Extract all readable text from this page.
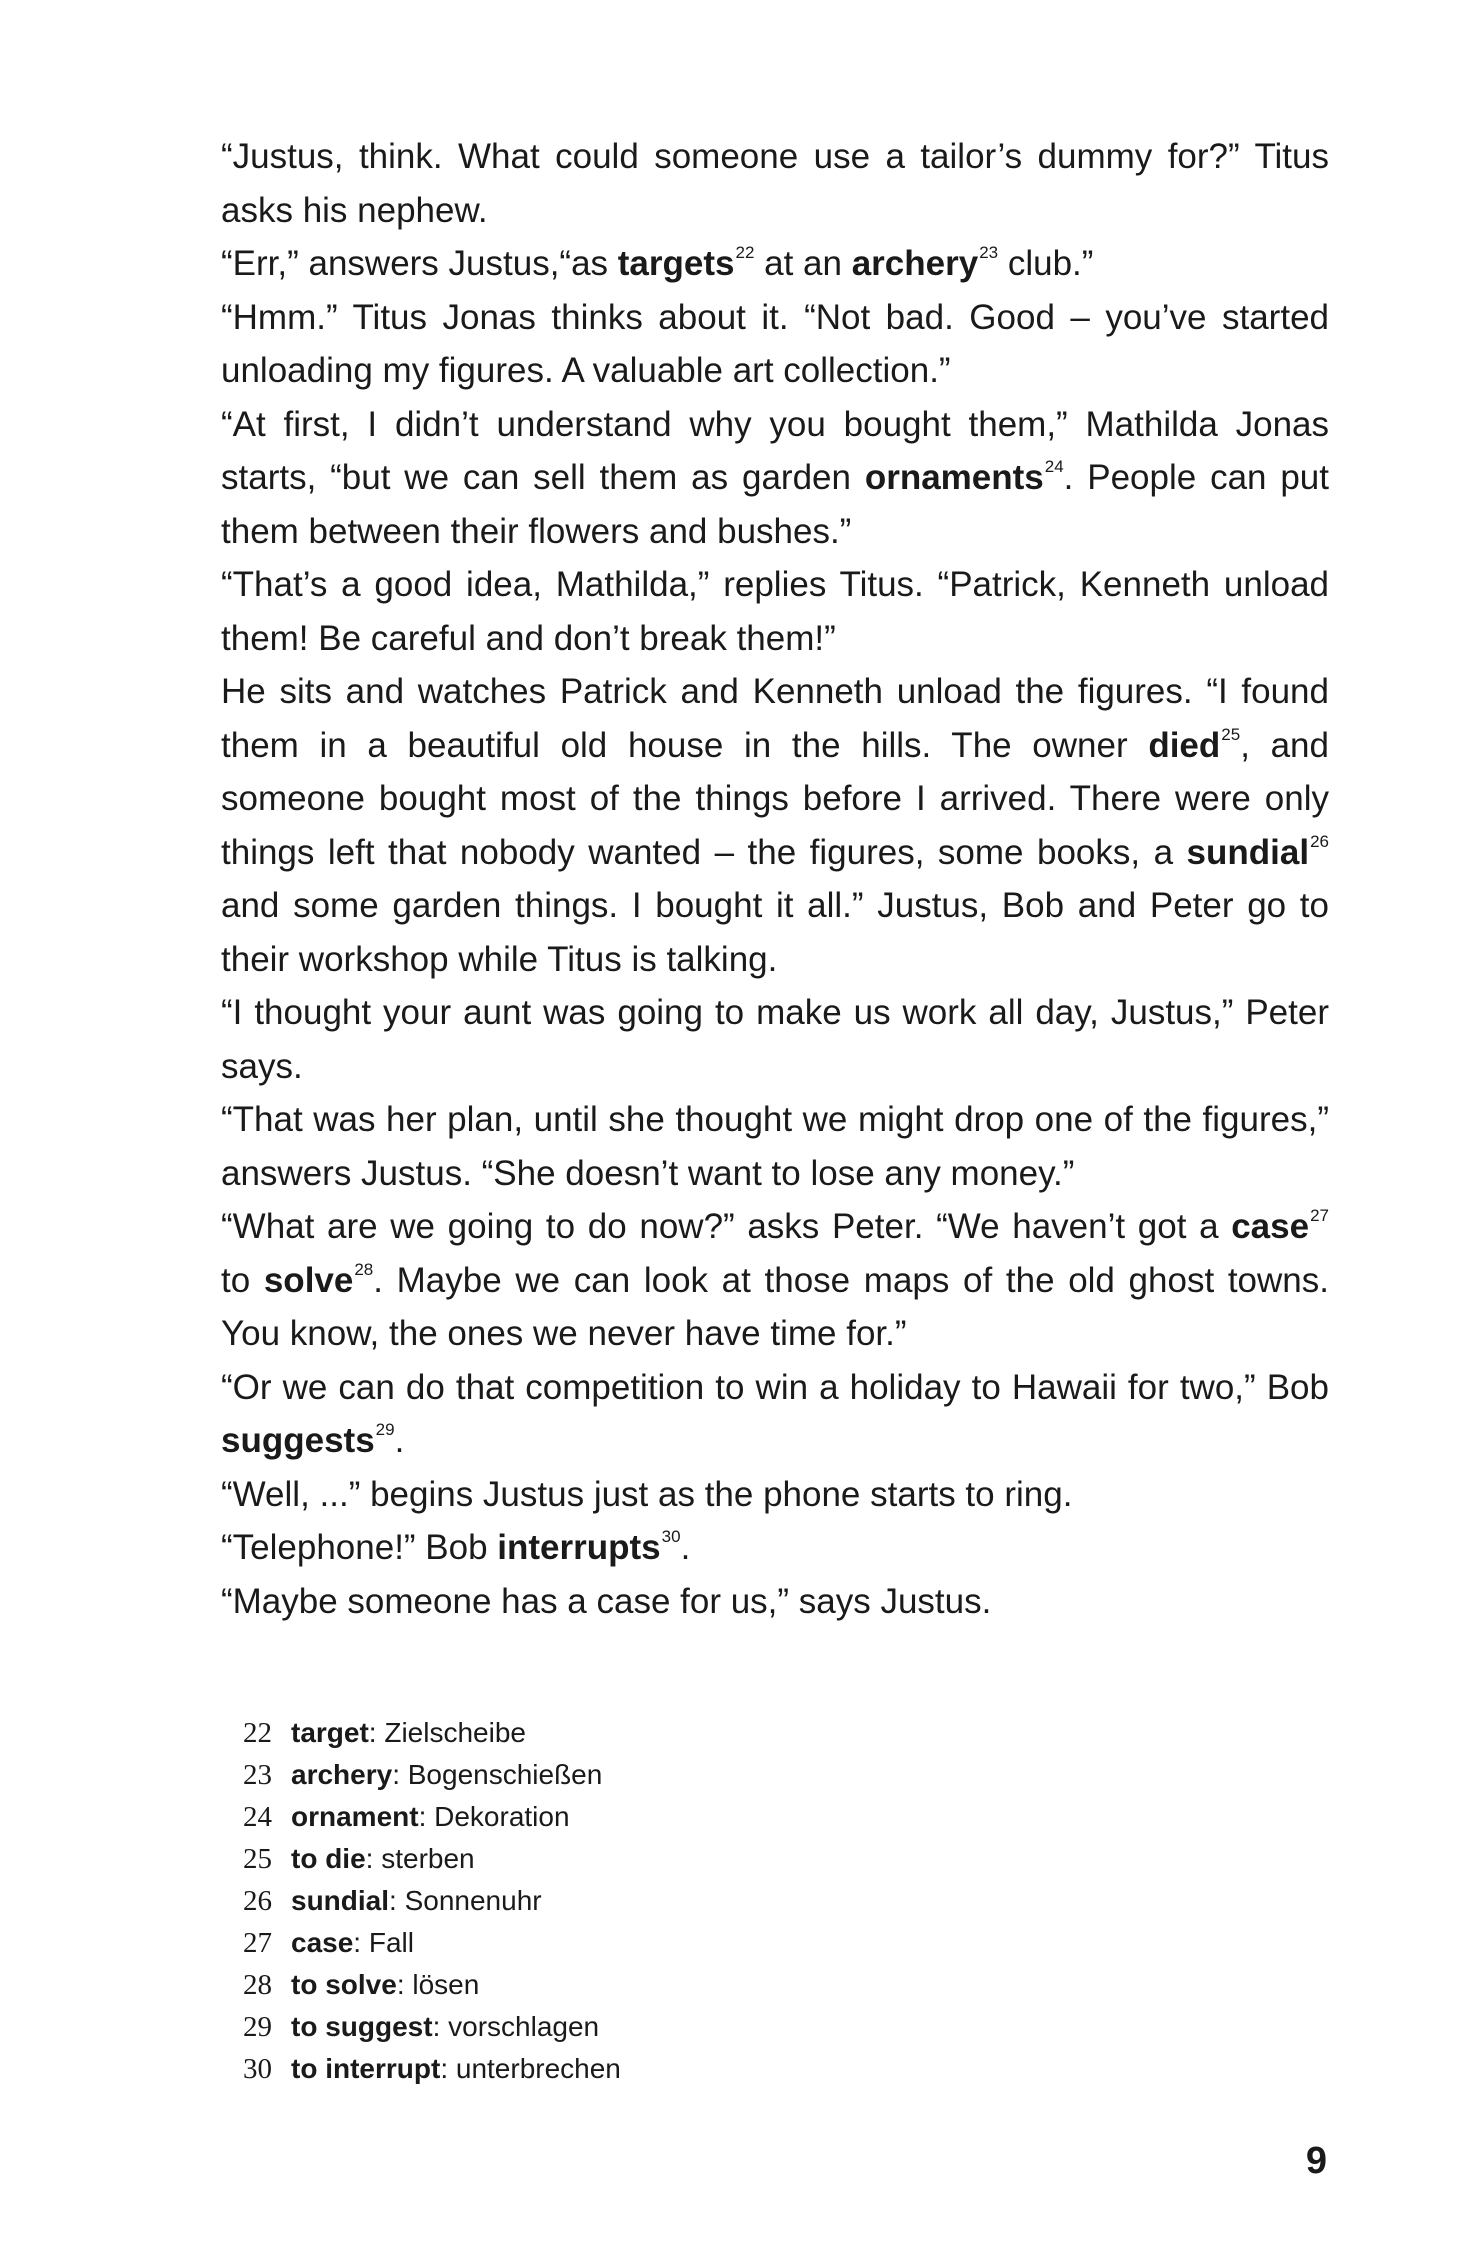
“Justus, think. What could someone use a tailor’s dummy for?” Titus asks his nephew.

“Err,” answers Justus,“as targets$^{22}$ at an archery$^{23}$ club.”

“Hmm.” Titus Jonas thinks about it. “Not bad. Good – you’ve started unloading my figures. A valuable art collection.”

“At first, I didn’t understand why you bought them,” Mathilda Jonas starts, “but we can sell them as garden ornaments$^{24}$. People can put them between their flowers and bushes.”

“That’s a good idea, Mathilda,” replies Titus. “Patrick, Kenneth unload them! Be careful and don’t break them!”

He sits and watches Patrick and Kenneth unload the figures. “I found them in a beautiful old house in the hills. The owner died$^{25}$, and someone bought most of the things before I arrived. There were only things left that nobody wanted – the figures, some books, a sundial$^{26}$ and some garden things. I bought it all.” Justus, Bob and Peter go to their workshop while Titus is talking.

“I thought your aunt was going to make us work all day, Justus,” Peter says.

“That was her plan, until she thought we might drop one of the figures,” answers Justus. “She doesn’t want to lose any money.”

“What are we going to do now?” asks Peter. “We haven’t got a case$^{27}$ to solve$^{28}$. Maybe we can look at those maps of the old ghost towns. You know, the ones we never have time for.”

“Or we can do that competition to win a holiday to Hawaii for two,” Bob suggests$^{29}$.

“Well, ...” begins Justus just as the phone starts to ring.

“Telephone!” Bob interrupts$^{30}$.

“Maybe someone has a case for us,” says Justus.

22 target : Zielscheibe
23 archery : Bogenschießen
24 ornament : Dekoration
25 to die : sterben
26 sundial : Sonnenuhr
27 case : Fall
28 to solve : lösen
29 to suggest : vorschlagen
30 to interrupt : unterbrechen
9
